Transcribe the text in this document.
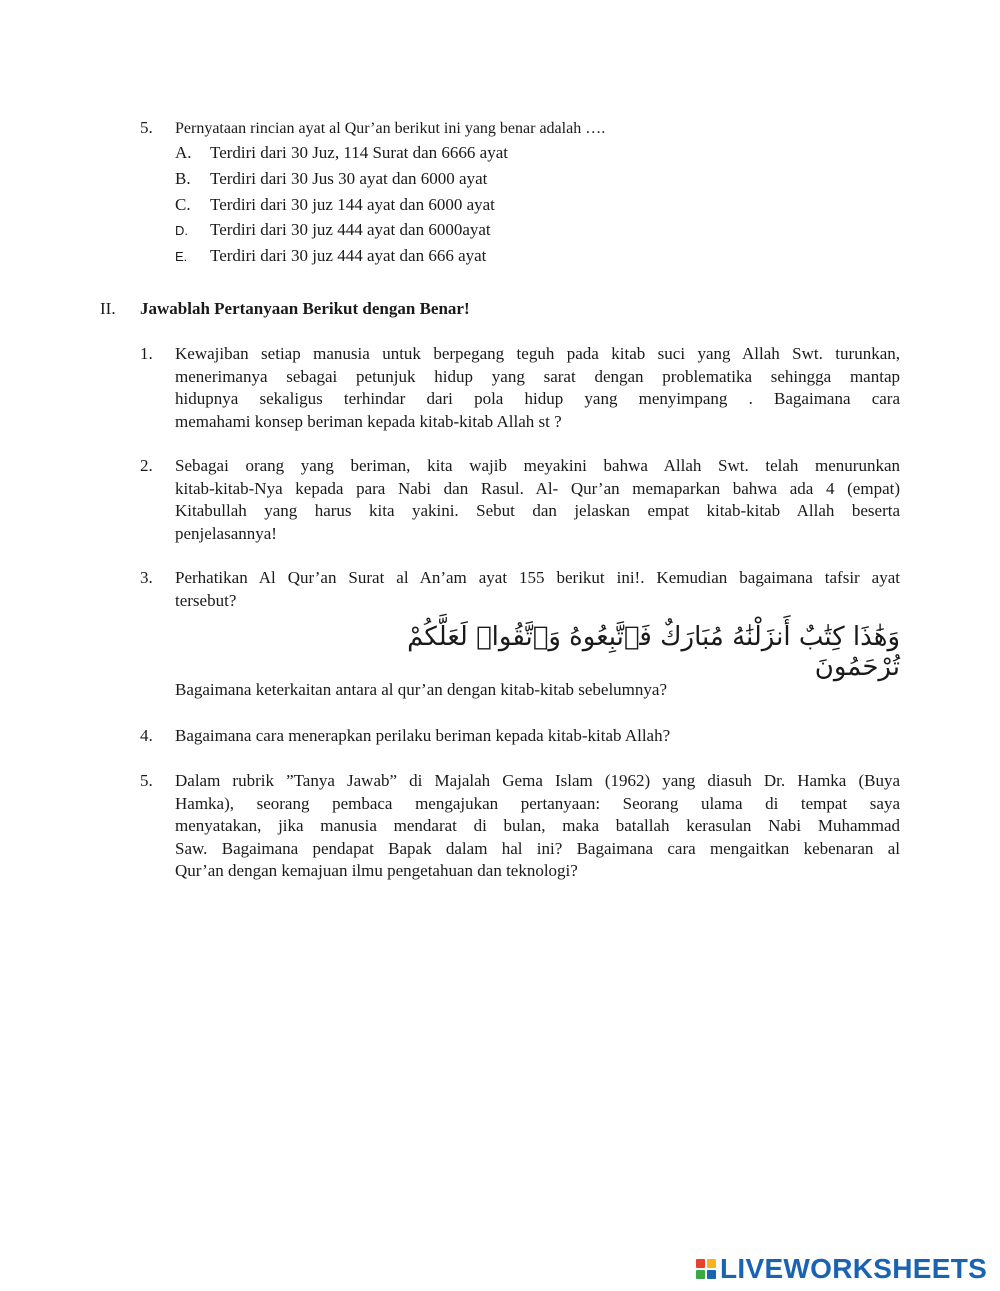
5. Pernyataan rincian ayat al Qur’an berikut ini yang benar adalah ….
A. Terdiri dari 30 Juz, 114 Surat dan 6666 ayat
B. Terdiri dari 30 Jus 30 ayat dan 6000 ayat
C. Terdiri dari 30 juz 144 ayat dan 6000 ayat
D. Terdiri dari 30 juz 444 ayat dan 6000ayat
E. Terdiri dari 30 juz 444 ayat dan 666 ayat
II. Jawablah Pertanyaan Berikut dengan Benar!
1. Kewajiban setiap manusia untuk berpegang teguh pada kitab suci yang Allah Swt. turunkan,
menerimanya sebagai petunjuk hidup yang sarat dengan problematika sehingga mantap
hidupnya sekaligus terhindar dari pola hidup yang menyimpang . Bagaimana cara
memahami konsep beriman kepada kitab-kitab Allah st ?
2. Sebagai orang yang beriman, kita wajib meyakini bahwa Allah Swt. telah menurunkan
kitab-kitab-Nya kepada para Nabi dan Rasul. Al- Qur’an memaparkan bahwa ada 4 (empat)
Kitabullah yang harus kita yakini. Sebut dan jelaskan empat kitab-kitab Allah beserta
penjelasannya!
3. Perhatikan Al Qur’an Surat al An’am ayat 155 berikut ini!. Kemudian bagaimana tafsir ayat
tersebut?
وَهَٰذَا كِتَٰبٌ أَنزَلْنَٰهُ مُبَارَكٌ فَٱتَّبِعُوهُ وَٱتَّقُوا۟ لَعَلَّكُمْ تُرْحَمُونَ
Bagaimana keterkaitan antara al qur’an dengan kitab-kitab sebelumnya?
4. Bagaimana cara menerapkan perilaku beriman kepada kitab-kitab Allah?
5. Dalam rubrik ”Tanya Jawab” di Majalah Gema Islam (1962) yang diasuh Dr. Hamka (Buya
Hamka), seorang pembaca mengajukan pertanyaan: Seorang ulama di tempat saya
menyatakan, jika manusia mendarat di bulan, maka batallah kerasulan Nabi Muhammad
Saw. Bagaimana pendapat Bapak dalam hal ini? Bagaimana cara mengaitkan kebenaran al
Qur’an dengan kemajuan ilmu pengetahuan dan teknologi?
LIVEWORKSHEETS
